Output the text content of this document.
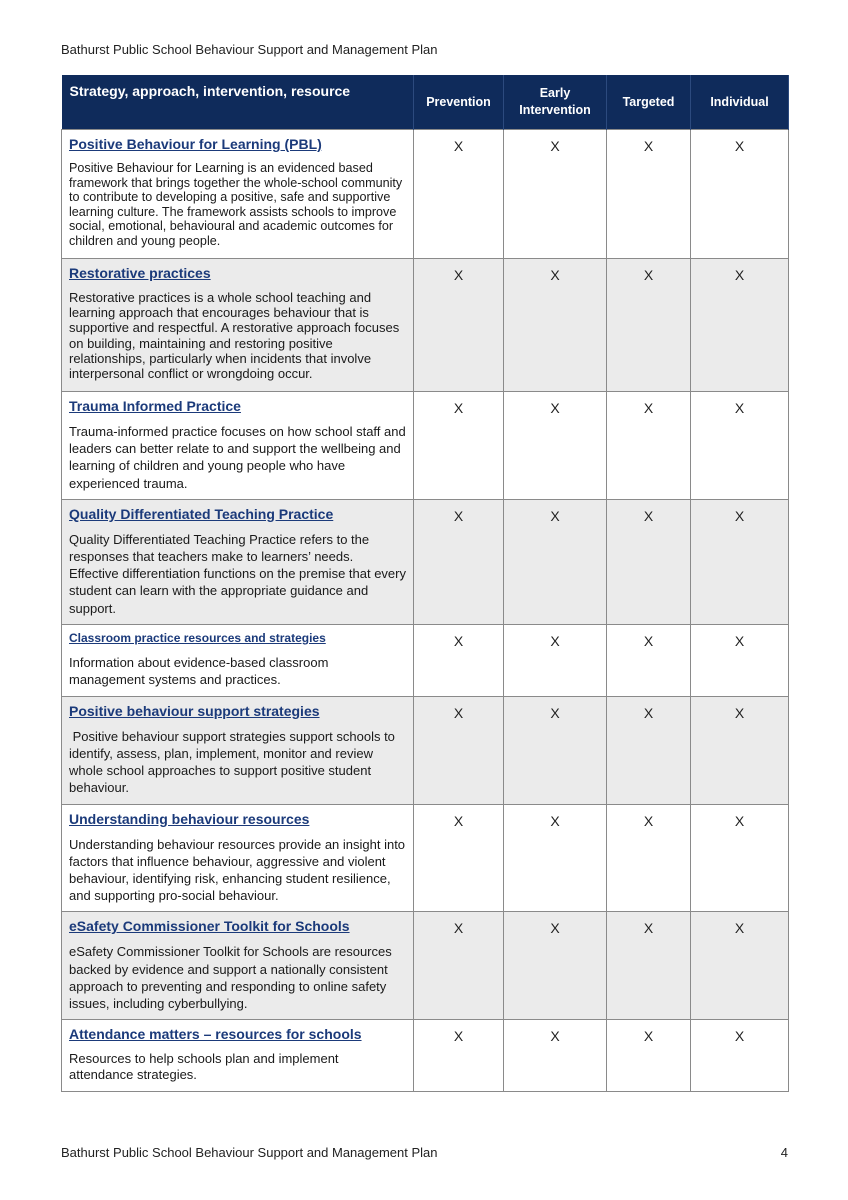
Bathurst Public School Behaviour Support and Management Plan
Strategy, approach, intervention, resource	Prevention	Early Intervention	Targeted	Individual

Positive Behaviour for Learning (PBL)
Positive Behaviour for Learning is an evidenced based framework that brings together the whole-school community to contribute to developing a positive, safe and supportive learning culture. The framework assists schools to improve social, emotional, behavioural and academic outcomes for children and young people.	X	X	X	X

Restorative practices
Restorative practices is a whole school teaching and learning approach that encourages behaviour that is supportive and respectful. A restorative approach focuses on building, maintaining and restoring positive relationships, particularly when incidents that involve interpersonal conflict or wrongdoing occur.	X	X	X	X

Trauma Informed Practice
Trauma-informed practice focuses on how school staff and leaders can better relate to and support the wellbeing and learning of children and young people who have experienced trauma.	X	X	X	X

Quality Differentiated Teaching Practice
Quality Differentiated Teaching Practice refers to the responses that teachers make to learners’ needs. Effective differentiation functions on the premise that every student can learn with the appropriate guidance and support.	X	X	X	X

Classroom practice resources and strategies
Information about evidence-based classroom management systems and practices.	X	X	X	X

Positive behaviour support strategies
Positive behaviour support strategies support schools to identify, assess, plan, implement, monitor and review whole school approaches to support positive student behaviour.	X	X	X	X

Understanding behaviour resources
Understanding behaviour resources provide an insight into factors that influence behaviour, aggressive and violent behaviour, identifying risk, enhancing student resilience, and supporting pro-social behaviour.	X	X	X	X

eSafety Commissioner Toolkit for Schools
eSafety Commissioner Toolkit for Schools are resources backed by evidence and support a nationally consistent approach to preventing and responding to online safety issues, including cyberbullying.	X	X	X	X

Attendance matters – resources for schools
Resources to help schools plan and implement attendance strategies.	X	X	X	X
Bathurst Public School Behaviour Support and Management Plan	4
